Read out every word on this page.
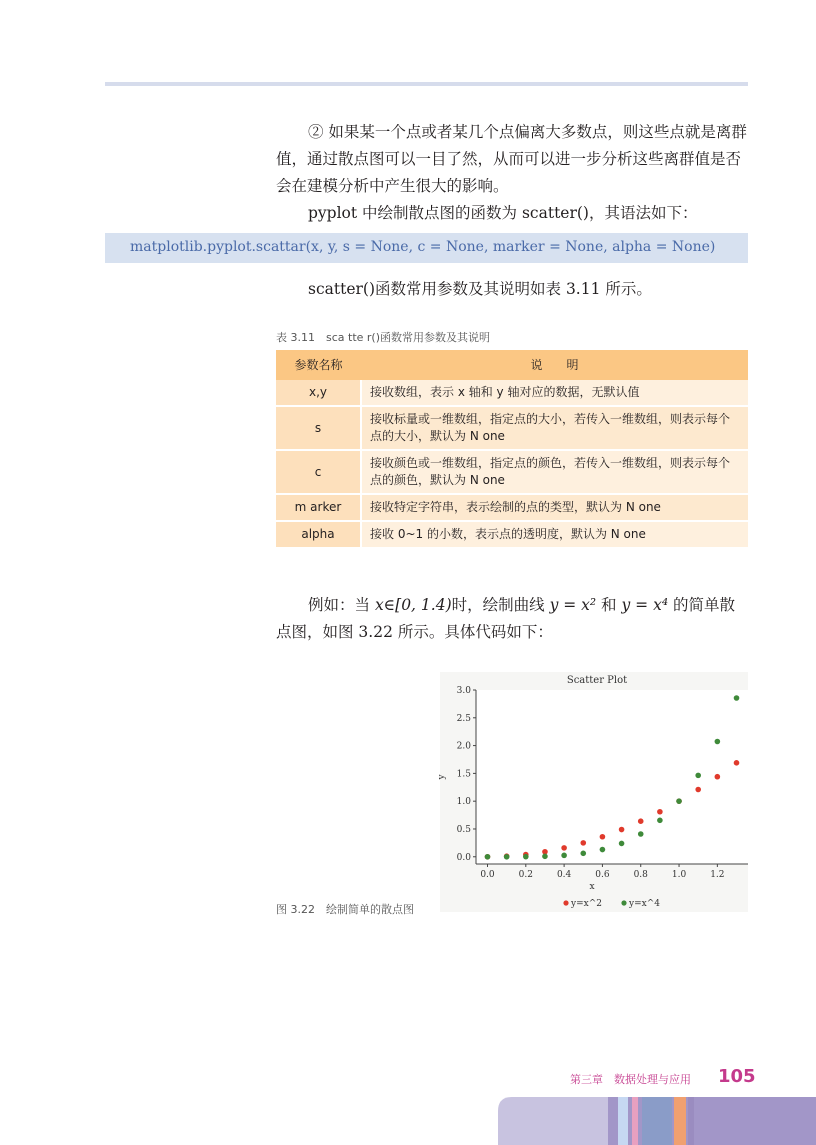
② 如果某一个点或者某几个点偏离大多数点，则这些点就是离群值，通过散点图可以一目了然，从而可以进一步分析这些离群值是否会在建模分析中产生很大的影响。

pyplot 中绘制散点图的函数为 scatter()，其语法如下：

matplotlib.pyplot.scattar(x, y, s = None, c = None, marker = None, alpha = None)

scatter()函数常用参数及其说明如表 3.11 所示。

表 3.11　sca tte r()函数常用参数及其说明
参数名称	说　　明
x,y	接收数组，表示 x 轴和 y 轴对应的数据，无默认值
s	接收标量或一维数组，指定点的大小，若传入一维数组，则表示每个点的大小，默认为 N one
c	接收颜色或一维数组，指定点的颜色，若传入一维数组，则表示每个点的颜色，默认为 N one
m arker	接收特定字符串，表示绘制的点的类型，默认为 N one
alpha	接收 0~1 的小数，表示点的透明度，默认为 N one

例如：当 x∈[0, 1.4)时，绘制曲线 y = x² 和 y = x⁴ 的简单散点图，如图 3.22 所示。具体代码如下：

0.0	0.2	0.4	0.6	0.8	1.0	1.2
0.0
0.5
1.0
1.5
2.0
2.5
3.0
Scatter Plot
x
y
y=x^2	y=x^4
图 3.22　绘制简单的散点图
第三章　数据处理与应用 105
